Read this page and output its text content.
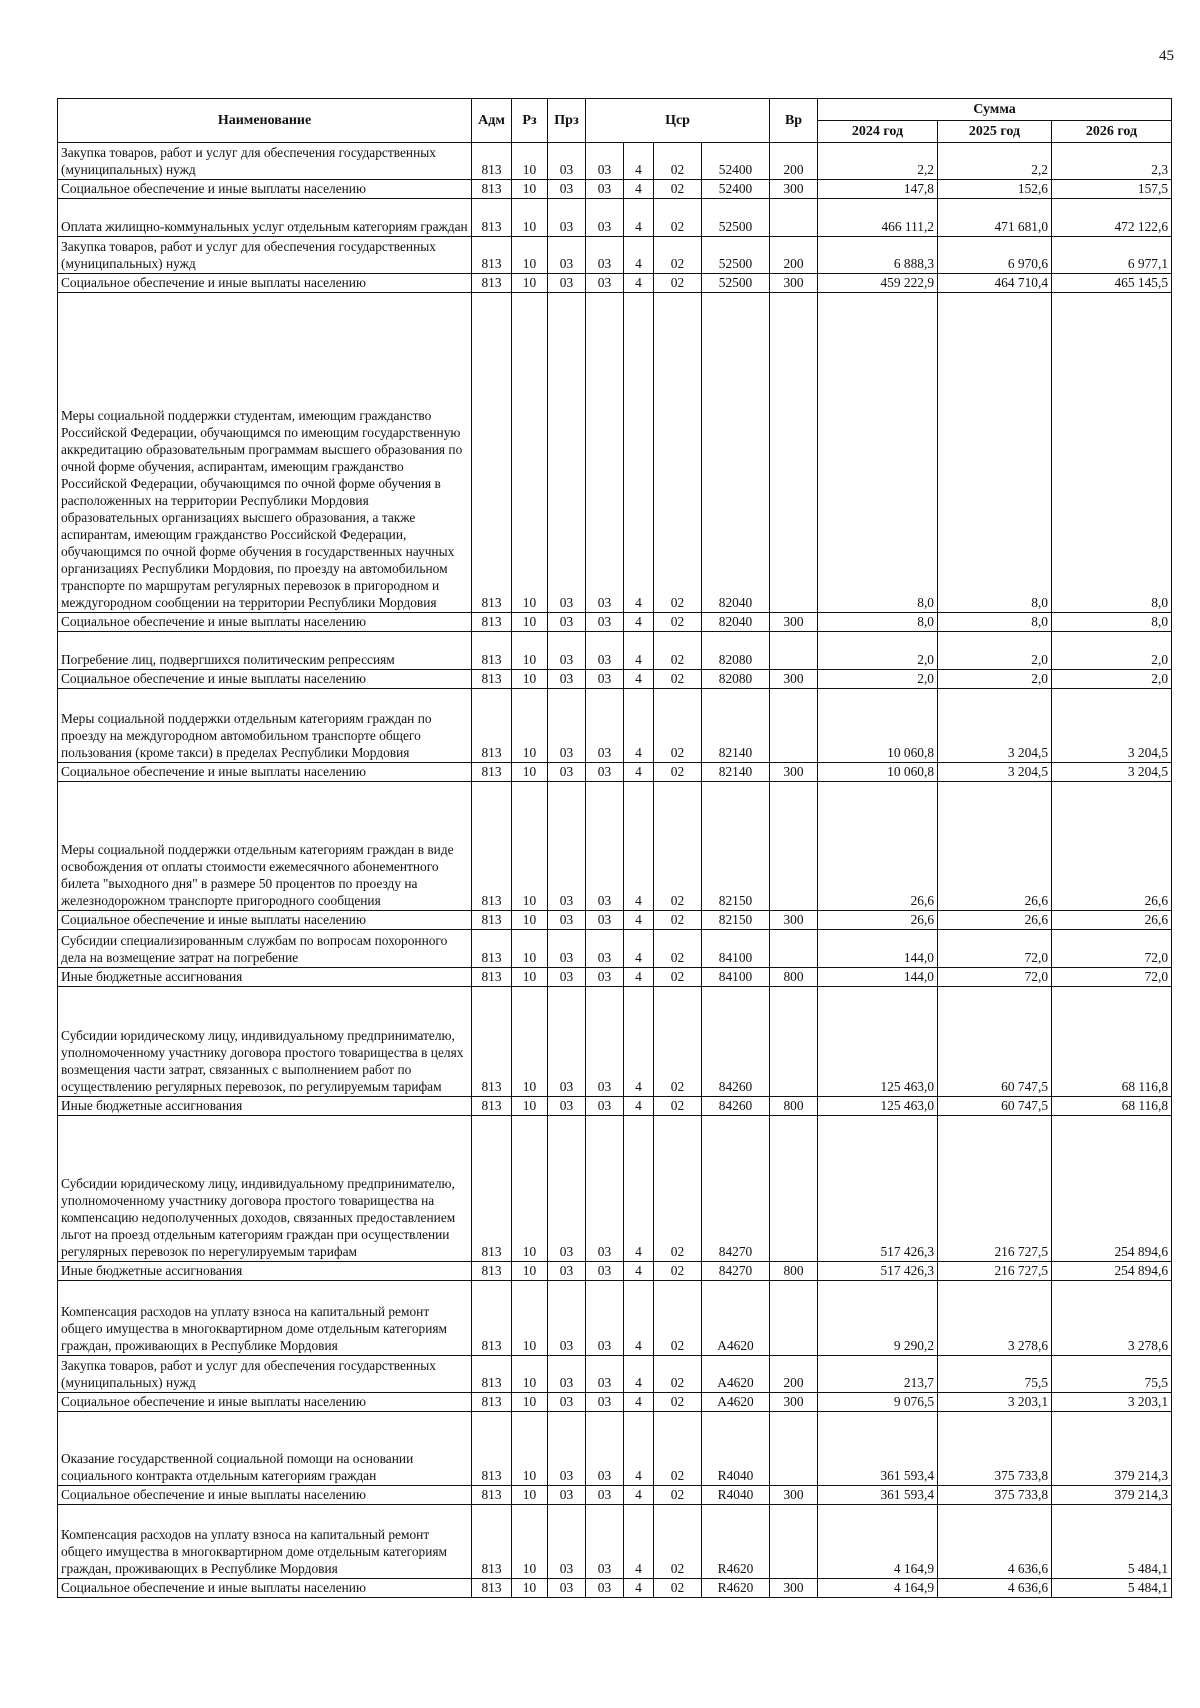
45
Наименование	Адм	Рз	Прз	Цср				Вр	Сумма		
									2024 год	2025 год	2026 год
Закупка товаров, работ и услуг для обеспечения государственных (муниципальных) нужд	813	10	03	03	4	02	52400	200	2,2	2,2	2,3
Социальное обеспечение и иные выплаты населению	813	10	03	03	4	02	52400	300	147,8	152,6	157,5
Оплата жилищно-коммунальных услуг отдельным категориям граждан	813	10	03	03	4	02	52500		466 111,2	471 681,0	472 122,6
Закупка товаров, работ и услуг для обеспечения государственных (муниципальных) нужд	813	10	03	03	4	02	52500	200	6 888,3	6 970,6	6 977,1
Социальное обеспечение и иные выплаты населению	813	10	03	03	4	02	52500	300	459 222,9	464 710,4	465 145,5
Меры социальной поддержки студентам, имеющим гражданство Российской Федерации, обучающимся по имеющим государственную аккредитацию образовательным программам высшего образования по очной форме обучения, аспирантам, имеющим гражданство Российской Федерации, обучающимся по очной форме обучения в расположенных на территории Республики Мордовия образовательных организациях высшего образования, а также аспирантам, имеющим гражданство Российской Федерации, обучающимся по очной форме обучения в государственных научных организациях Республики Мордовия, по проезду на автомобильном транспорте по маршрутам регулярных перевозок в пригородном и междугородном сообщении на территории Республики Мордовия	813	10	03	03	4	02	82040		8,0	8,0	8,0
Социальное обеспечение и иные выплаты населению	813	10	03	03	4	02	82040	300	8,0	8,0	8,0
Погребение лиц, подвергшихся политическим репрессиям	813	10	03	03	4	02	82080		2,0	2,0	2,0
Социальное обеспечение и иные выплаты населению	813	10	03	03	4	02	82080	300	2,0	2,0	2,0
Меры социальной поддержки отдельным категориям граждан по проезду на междугородном автомобильном транспорте общего пользования (кроме такси) в пределах Республики Мордовия	813	10	03	03	4	02	82140		10 060,8	3 204,5	3 204,5
Социальное обеспечение и иные выплаты населению	813	10	03	03	4	02	82140	300	10 060,8	3 204,5	3 204,5
Меры социальной поддержки отдельным категориям граждан в виде освобождения от оплаты стоимости ежемесячного абонементного билета "выходного дня" в размере 50 процентов по проезду на железнодорожном транспорте пригородного сообщения	813	10	03	03	4	02	82150		26,6	26,6	26,6
Социальное обеспечение и иные выплаты населению	813	10	03	03	4	02	82150	300	26,6	26,6	26,6
Субсидии специализированным службам по вопросам похоронного дела на возмещение затрат на погребение	813	10	03	03	4	02	84100		144,0	72,0	72,0
Иные бюджетные ассигнования	813	10	03	03	4	02	84100	800	144,0	72,0	72,0
Субсидии юридическому лицу, индивидуальному предпринимателю, уполномоченному участнику договора простого товарищества в целях возмещения части затрат, связанных с выполнением работ по осуществлению регулярных перевозок, по регулируемым тарифам	813	10	03	03	4	02	84260		125 463,0	60 747,5	68 116,8
Иные бюджетные ассигнования	813	10	03	03	4	02	84260	800	125 463,0	60 747,5	68 116,8
Субсидии юридическому лицу, индивидуальному предпринимателю, уполномоченному участнику договора простого товарищества на компенсацию недополученных доходов, связанных предоставлением льгот на проезд отдельным категориям граждан при осуществлении регулярных перевозок по нерегулируемым тарифам	813	10	03	03	4	02	84270		517 426,3	216 727,5	254 894,6
Иные бюджетные ассигнования	813	10	03	03	4	02	84270	800	517 426,3	216 727,5	254 894,6
Компенсация расходов на уплату взноса на капитальный ремонт общего имущества в многоквартирном доме отдельным категориям граждан, проживающих в Республике Мордовия	813	10	03	03	4	02	A4620		9 290,2	3 278,6	3 278,6
Закупка товаров, работ и услуг для обеспечения государственных (муниципальных) нужд	813	10	03	03	4	02	A4620	200	213,7	75,5	75,5
Социальное обеспечение и иные выплаты населению	813	10	03	03	4	02	A4620	300	9 076,5	3 203,1	3 203,1
Оказание государственной социальной помощи на основании социального контракта отдельным категориям граждан	813	10	03	03	4	02	R4040		361 593,4	375 733,8	379 214,3
Социальное обеспечение и иные выплаты населению	813	10	03	03	4	02	R4040	300	361 593,4	375 733,8	379 214,3
Компенсация расходов на уплату взноса на капитальный ремонт общего имущества в многоквартирном доме отдельным категориям граждан, проживающих в Республике Мордовия	813	10	03	03	4	02	R4620		4 164,9	4 636,6	5 484,1
Социальное обеспечение и иные выплаты населению	813	10	03	03	4	02	R4620	300	4 164,9	4 636,6	5 484,1
